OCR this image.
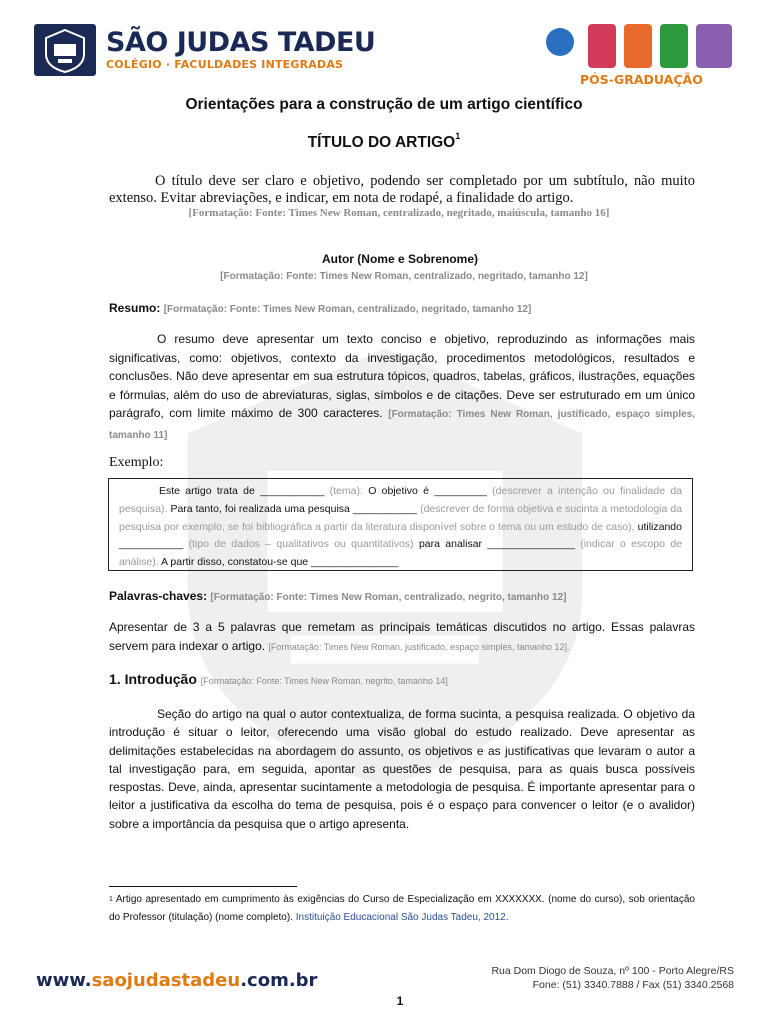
SÃO JUDAS TADEU
COLÉGIO · FACULDADES INTEGRADAS
PÓS-GRADUAÇÃO
Orientações para a construção de um artigo científico
TÍTULO DO ARTIGO$^1$
O título deve ser claro e objetivo, podendo ser completado por um subtítulo, não muito extenso. Evitar abreviações, e indicar, em nota de rodapé, a finalidade do artigo.
[Formatação: Fonte: Times New Roman, centralizado, negritado, maiúscula, tamanho 16]
Autor (Nome e Sobrenome)
[Formatação: Fonte: Times New Roman, centralizado, negritado, tamanho 12]
Resumo: [Formatação: Fonte: Times New Roman, centralizado, negritado, tamanho 12]
O resumo deve apresentar um texto conciso e objetivo, reproduzindo as informações mais significativas, como: objetivos, contexto da investigação, procedimentos metodológicos, resultados e conclusões. Não deve apresentar em sua estrutura tópicos, quadros, tabelas, gráficos, ilustrações, equações e fórmulas, além do uso de abreviaturas, siglas, símbolos e de citações. Deve ser estruturado em um único parágrafo, com limite máximo de 300 caracteres. [Formatação: Times New Roman, justificado, espaço simples, tamanho 11]
Exemplo:
Este artigo trata de ___________ (tema). O objetivo é _________ (descrever a intenção ou finalidade da pesquisa). Para tanto, foi realizada uma pesquisa ___________ (descrever de forma objetiva e sucinta a metodologia da pesquisa por exemplo, se foi bibliográfica a partir da literatura disponível sobre o tema ou um estudo de caso), utilizando ___________ (tipo de dados – qualitativos ou quantitativos) para analisar _______________ (indicar o escopo de análise). A partir disso, constatou-se que _______________
Palavras-chaves: [Formatação: Fonte: Times New Roman, centralizado, negrito, tamanho 12]
Apresentar de 3 a 5 palavras que remetam as principais temáticas discutidos no artigo. Essas palavras servem para indexar o artigo. [Formatação: Times New Roman, justificado, espaço simples, tamanho 12].
1. Introdução [Formatação: Fonte: Times New Roman, negrito, tamanho 14]
Seção do artigo na qual o autor contextualiza, de forma sucinta, a pesquisa realizada. O objetivo da introdução é situar o leitor, oferecendo uma visão global do estudo realizado. Deve apresentar as delimitações estabelecidas na abordagem do assunto, os objetivos e as justificativas que levaram o autor a tal investigação para, em seguida, apontar as questões de pesquisa, para as quais busca possíveis respostas. Deve, ainda, apresentar sucintamente a metodologia de pesquisa. É importante apresentar para o leitor a justificativa da escolha do tema de pesquisa, pois é o espaço para convencer o leitor (e o avalidor) sobre a importância da pesquisa que o artigo apresenta.
$^1$ Artigo apresentado em cumprimento às exigências do Curso de Especialização em XXXXXXX. (nome do curso), sob orientação do Professor (titulação) (nome completo). Instituição Educacional São Judas Tadeu, 2012.
www.saojudastadeu.com.br	Rua Dom Diogo de Souza, nº 100 - Porto Alegre/RS
Fone: (51) 3340.7888 / Fax (51) 3340.2568
1
